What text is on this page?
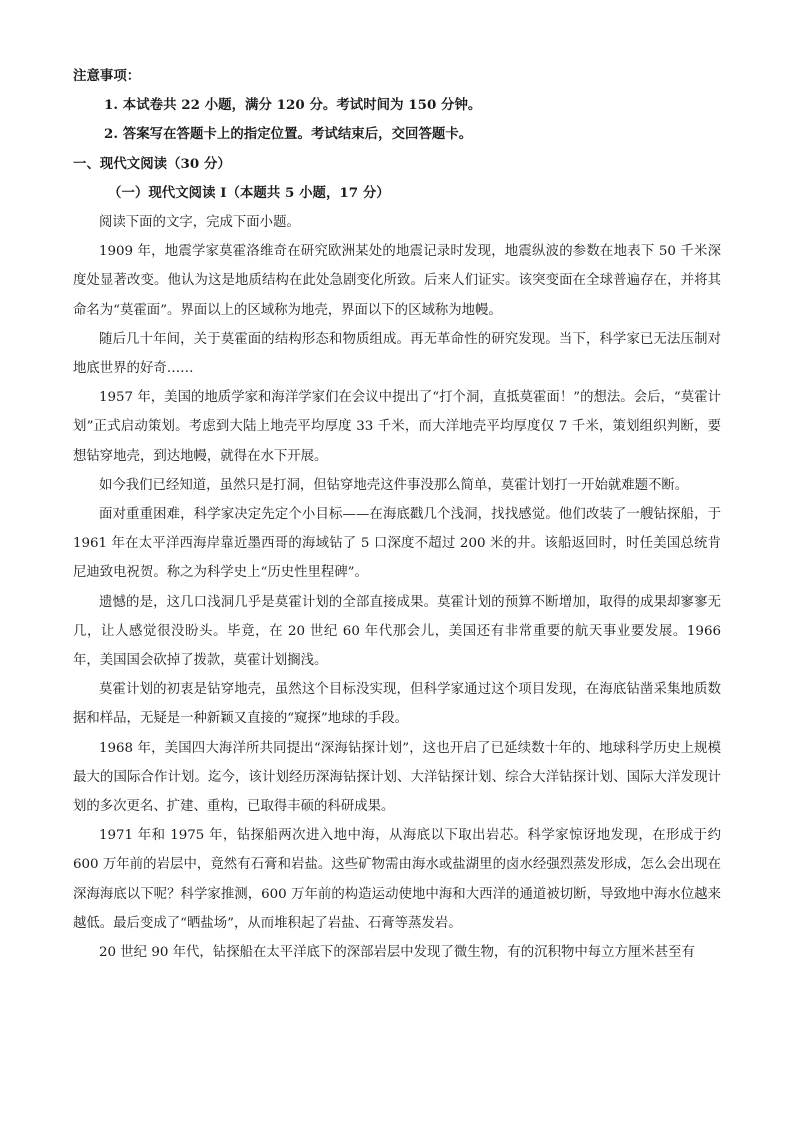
注意事项：
1. 本试卷共 22 小题，满分 120 分。考试时间为 150 分钟。
2. 答案写在答题卡上的指定位置。考试结束后，交回答题卡。
一、现代文阅读（30 分）
（一）现代文阅读 I（本题共 5 小题，17 分）

阅读下面的文字，完成下面小题。

1909 年，地震学家莫霍洛维奇在研究欧洲某处的地震记录时发现，地震纵波的参数在地表下 50 千米深度处显著改变。他认为这是地质结构在此处急剧变化所致。后来人们证实。该突变面在全球普遍存在，并将其命名为“莫霍面”。界面以上的区域称为地壳，界面以下的区域称为地幔。

随后几十年间，关于莫霍面的结构形态和物质组成。再无革命性的研究发现。当下，科学家已无法压制对地底世界的好奇……

1957 年，美国的地质学家和海洋学家们在会议中提出了“打个洞，直抵莫霍面！”的想法。会后，“莫霍计划”正式启动策划。考虑到大陆上地壳平均厚度 33 千米，而大洋地壳平均厚度仅 7 千米，策划组织判断，要想钻穿地壳，到达地幔，就得在水下开展。

如今我们已经知道，虽然只是打洞，但钻穿地壳这件事没那么简单，莫霍计划打一开始就难题不断。

面对重重困难，科学家决定先定个小目标——在海底戳几个浅洞，找找感觉。他们改装了一艘钻探船，于 1961 年在太平洋西海岸靠近墨西哥的海域钻了 5 口深度不超过 200 米的井。该船返回时，时任美国总统肯尼迪致电祝贺。称之为科学史上“历史性里程碑”。

遗憾的是，这几口浅洞几乎是莫霍计划的全部直接成果。莫霍计划的预算不断增加，取得的成果却寥寥无几，让人感觉很没盼头。毕竟，在 20 世纪 60 年代那会儿，美国还有非常重要的航天事业要发展。1966 年，美国国会砍掉了拨款，莫霍计划搁浅。

莫霍计划的初衷是钻穿地壳，虽然这个目标没实现，但科学家通过这个项目发现，在海底钻凿采集地质数据和样品，无疑是一种新颖又直接的“窥探”地球的手段。

1968 年，美国四大海洋所共同提出“深海钻探计划”，这也开启了已延续数十年的、地球科学历史上规模最大的国际合作计划。迄今，该计划经历深海钻探计划、大洋钻探计划、综合大洋钻探计划、国际大洋发现计划的多次更名、扩建、重构，已取得丰硕的科研成果。

1971 年和 1975 年，钻探船两次进入地中海，从海底以下取出岩芯。科学家惊讶地发现，在形成于约 600 万年前的岩层中，竟然有石膏和岩盐。这些矿物需由海水或盐湖里的卤水经强烈蒸发形成，怎么会出现在深海海底以下呢？科学家推测，600 万年前的构造运动使地中海和大西洋的通道被切断，导致地中海水位越来越低。最后变成了“晒盐场”，从而堆积起了岩盐、石膏等蒸发岩。

20 世纪 90 年代，钻探船在太平洋底下的深部岩层中发现了微生物，有的沉积物中每立方厘米甚至有
